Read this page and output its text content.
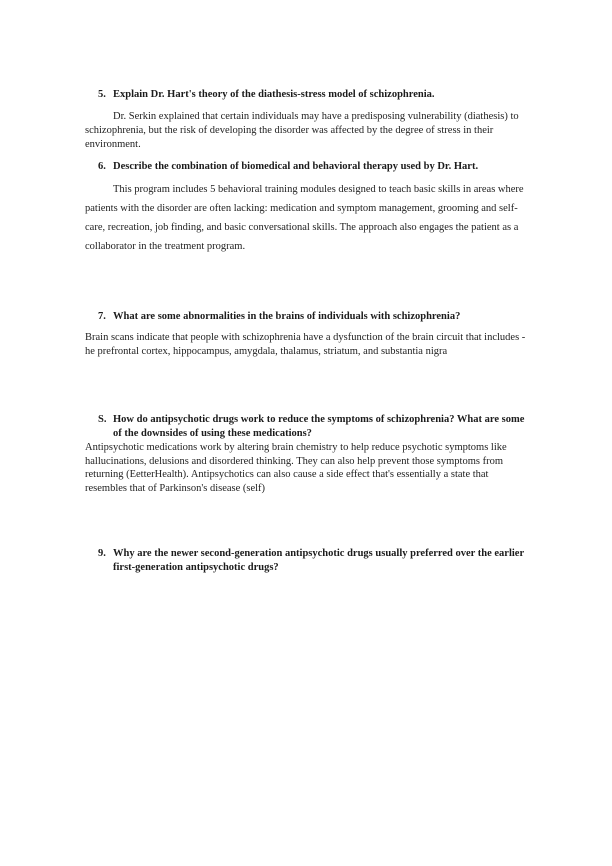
5. Explain Dr. Hart's theory of the diathesis-stress model of schizophrenia.

Dr. Serkin explained that certain individuals may have a predisposing vulnerability (diathesis) to schizophrenia, but the risk of developing the disorder was affected by the degree of stress in their environment.

6. Describe the combination of biomedical and behavioral therapy used by Dr. Hart.

This program includes 5 behavioral training modules designed to teach basic skills in areas where patients with the disorder are often lacking: medication and symptom management, grooming and self-care, recreation, job finding, and basic conversational skills. The approach also engages the patient as a collaborator in the treatment program.

7. What are some abnormalities in the brains of individuals with schizophrenia?

Brain scans indicate that people with schizophrenia have a dysfunction of the brain circuit that includes -he prefrontal cortex, hippocampus, amygdala, thalamus, striatum, and substantia nigra

S. How do antipsychotic drugs work to reduce the symptoms of schizophrenia? What are some of the downsides of using these medications?

Antipsychotic medications work by altering brain chemistry to help reduce psychotic symptoms like hallucinations, delusions and disordered thinking. They can also help prevent those symptoms from returning (EetterHealth). Antipsychotics can also cause a side effect that's essentially a state that resembles that of Parkinson's disease (self)

9. Why are the newer second-generation antipsychotic drugs usually preferred over the earlier first-generation antipsychotic drugs?
